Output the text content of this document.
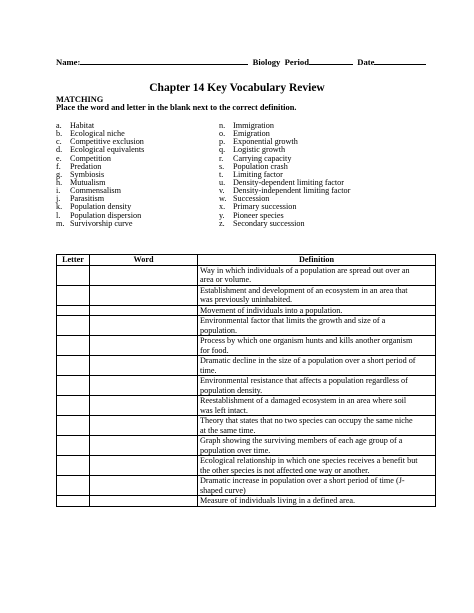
Name:	Biology Period	Date
Chapter 14 Key Vocabulary Review
MATCHING
Place the word and letter in the blank next to the correct definition.
a. Habitat
b. Ecological niche
c. Competitive exclusion
d. Ecological equivalents
e. Competition
f. Predation
g. Symbiosis
h. Mutualism
i. Commensalism
j. Parasitism
k. Population density
l. Population dispersion
m. Survivorship curve
n. Immigration
o. Emigration
p. Exponential growth
q. Logistic growth
r. Carrying capacity
s. Population crash
t. Limiting factor
u. Density-dependent limiting factor
v. Density-independent limiting factor
w. Succession
x. Primary succession
y. Pioneer species
z. Secondary succession
Letter	Word	Definition

		Way in which individuals of a population are spread out over an
area or volume.

		Establishment and development of an ecosystem in an area that
was previously uninhabited.

		Movement of individuals into a population.

		Environmental factor that limits the growth and size of a
population.

		Process by which one organism hunts and kills another organism
for food.

		Dramatic decline in the size of a population over a short period of
time.

		Environmental resistance that affects a population regardless of
population density.

		Reestablishment of a damaged ecosystem in an area where soil
was left intact.

		Theory that states that no two species can occupy the same niche
at the same time.

		Graph showing the surviving members of each age group of a
population over time.

		Ecological relationship in which one species receives a benefit but
the other species is not affected one way or another.

		Dramatic increase in population over a short period of time (J-
shaped curve)

		Measure of individuals living in a defined area.
